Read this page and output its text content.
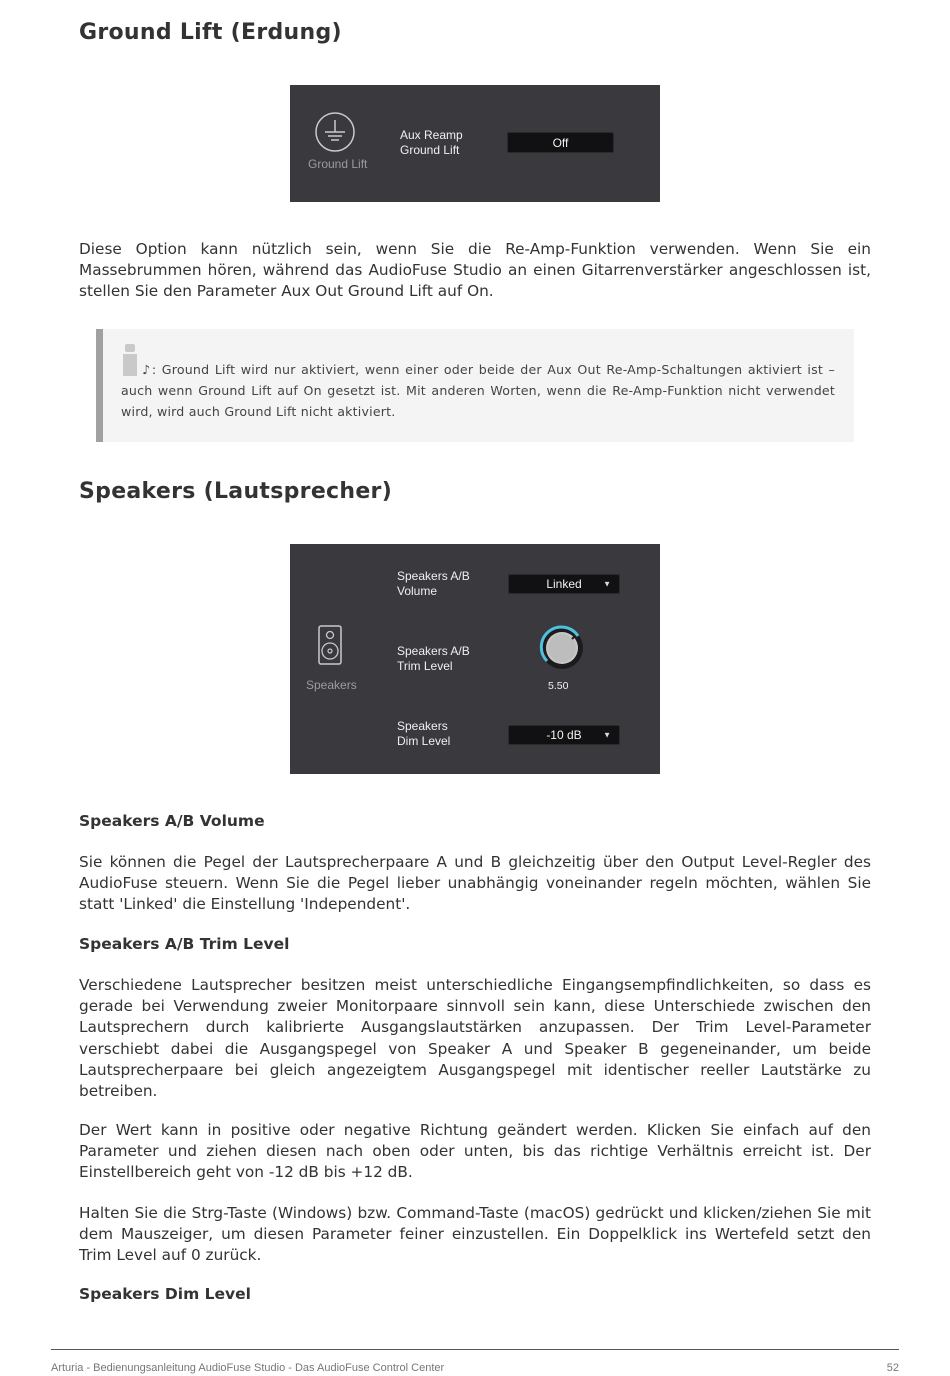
Ground Lift (Erdung)
Ground Lift
Aux Reamp
Ground Lift
Off

Diese Option kann nützlich sein, wenn Sie die Re-Amp-Funktion verwenden. Wenn Sie ein Massebrummen hören, während das AudioFuse Studio an einen Gitarrenverstärker angeschlossen ist, stellen Sie den Parameter Aux Out Ground Lift auf On.

♪: Ground Lift wird nur aktiviert, wenn einer oder beide der Aux Out Re-Amp-Schaltungen aktiviert ist – auch wenn Ground Lift auf On gesetzt ist. Mit anderen Worten, wenn die Re-Amp-Funktion nicht verwendet wird, wird auch Ground Lift nicht aktiviert.

Speakers (Lautsprecher)
Speakers
Speakers A/B
Volume	Linked	▼
Speakers A/B
Trim Level
5.50
Speakers
Dim Level	-10 dB	▼
Speakers A/B Volume

Sie können die Pegel der Lautsprecherpaare A und B gleichzeitig über den Output Level-Regler des AudioFuse steuern. Wenn Sie die Pegel lieber unabhängig voneinander regeln möchten, wählen Sie statt 'Linked' die Einstellung 'Independent'.

Speakers A/B Trim Level

Verschiedene Lautsprecher besitzen meist unterschiedliche Eingangsempfindlichkeiten, so dass es gerade bei Verwendung zweier Monitorpaare sinnvoll sein kann, diese Unterschiede zwischen den Lautsprechern durch kalibrierte Ausgangslautstärken anzupassen. Der Trim Level-Parameter verschiebt dabei die Ausgangspegel von Speaker A und Speaker B gegeneinander, um beide Lautsprecherpaare bei gleich angezeigtem Ausgangspegel mit identischer reeller Lautstärke zu betreiben.

Der Wert kann in positive oder negative Richtung geändert werden. Klicken Sie einfach auf den Parameter und ziehen diesen nach oben oder unten, bis das richtige Verhältnis erreicht ist. Der Einstellbereich geht von -12 dB bis +12 dB.

Halten Sie die Strg-Taste (Windows) bzw. Command-Taste (macOS) gedrückt und klicken/ziehen Sie mit dem Mauszeiger, um diesen Parameter feiner einzustellen. Ein Doppelklick ins Wertefeld setzt den Trim Level auf 0 zurück.

Speakers Dim Level
Arturia - Bedienungsanleitung AudioFuse Studio - Das AudioFuse Control Center	52
